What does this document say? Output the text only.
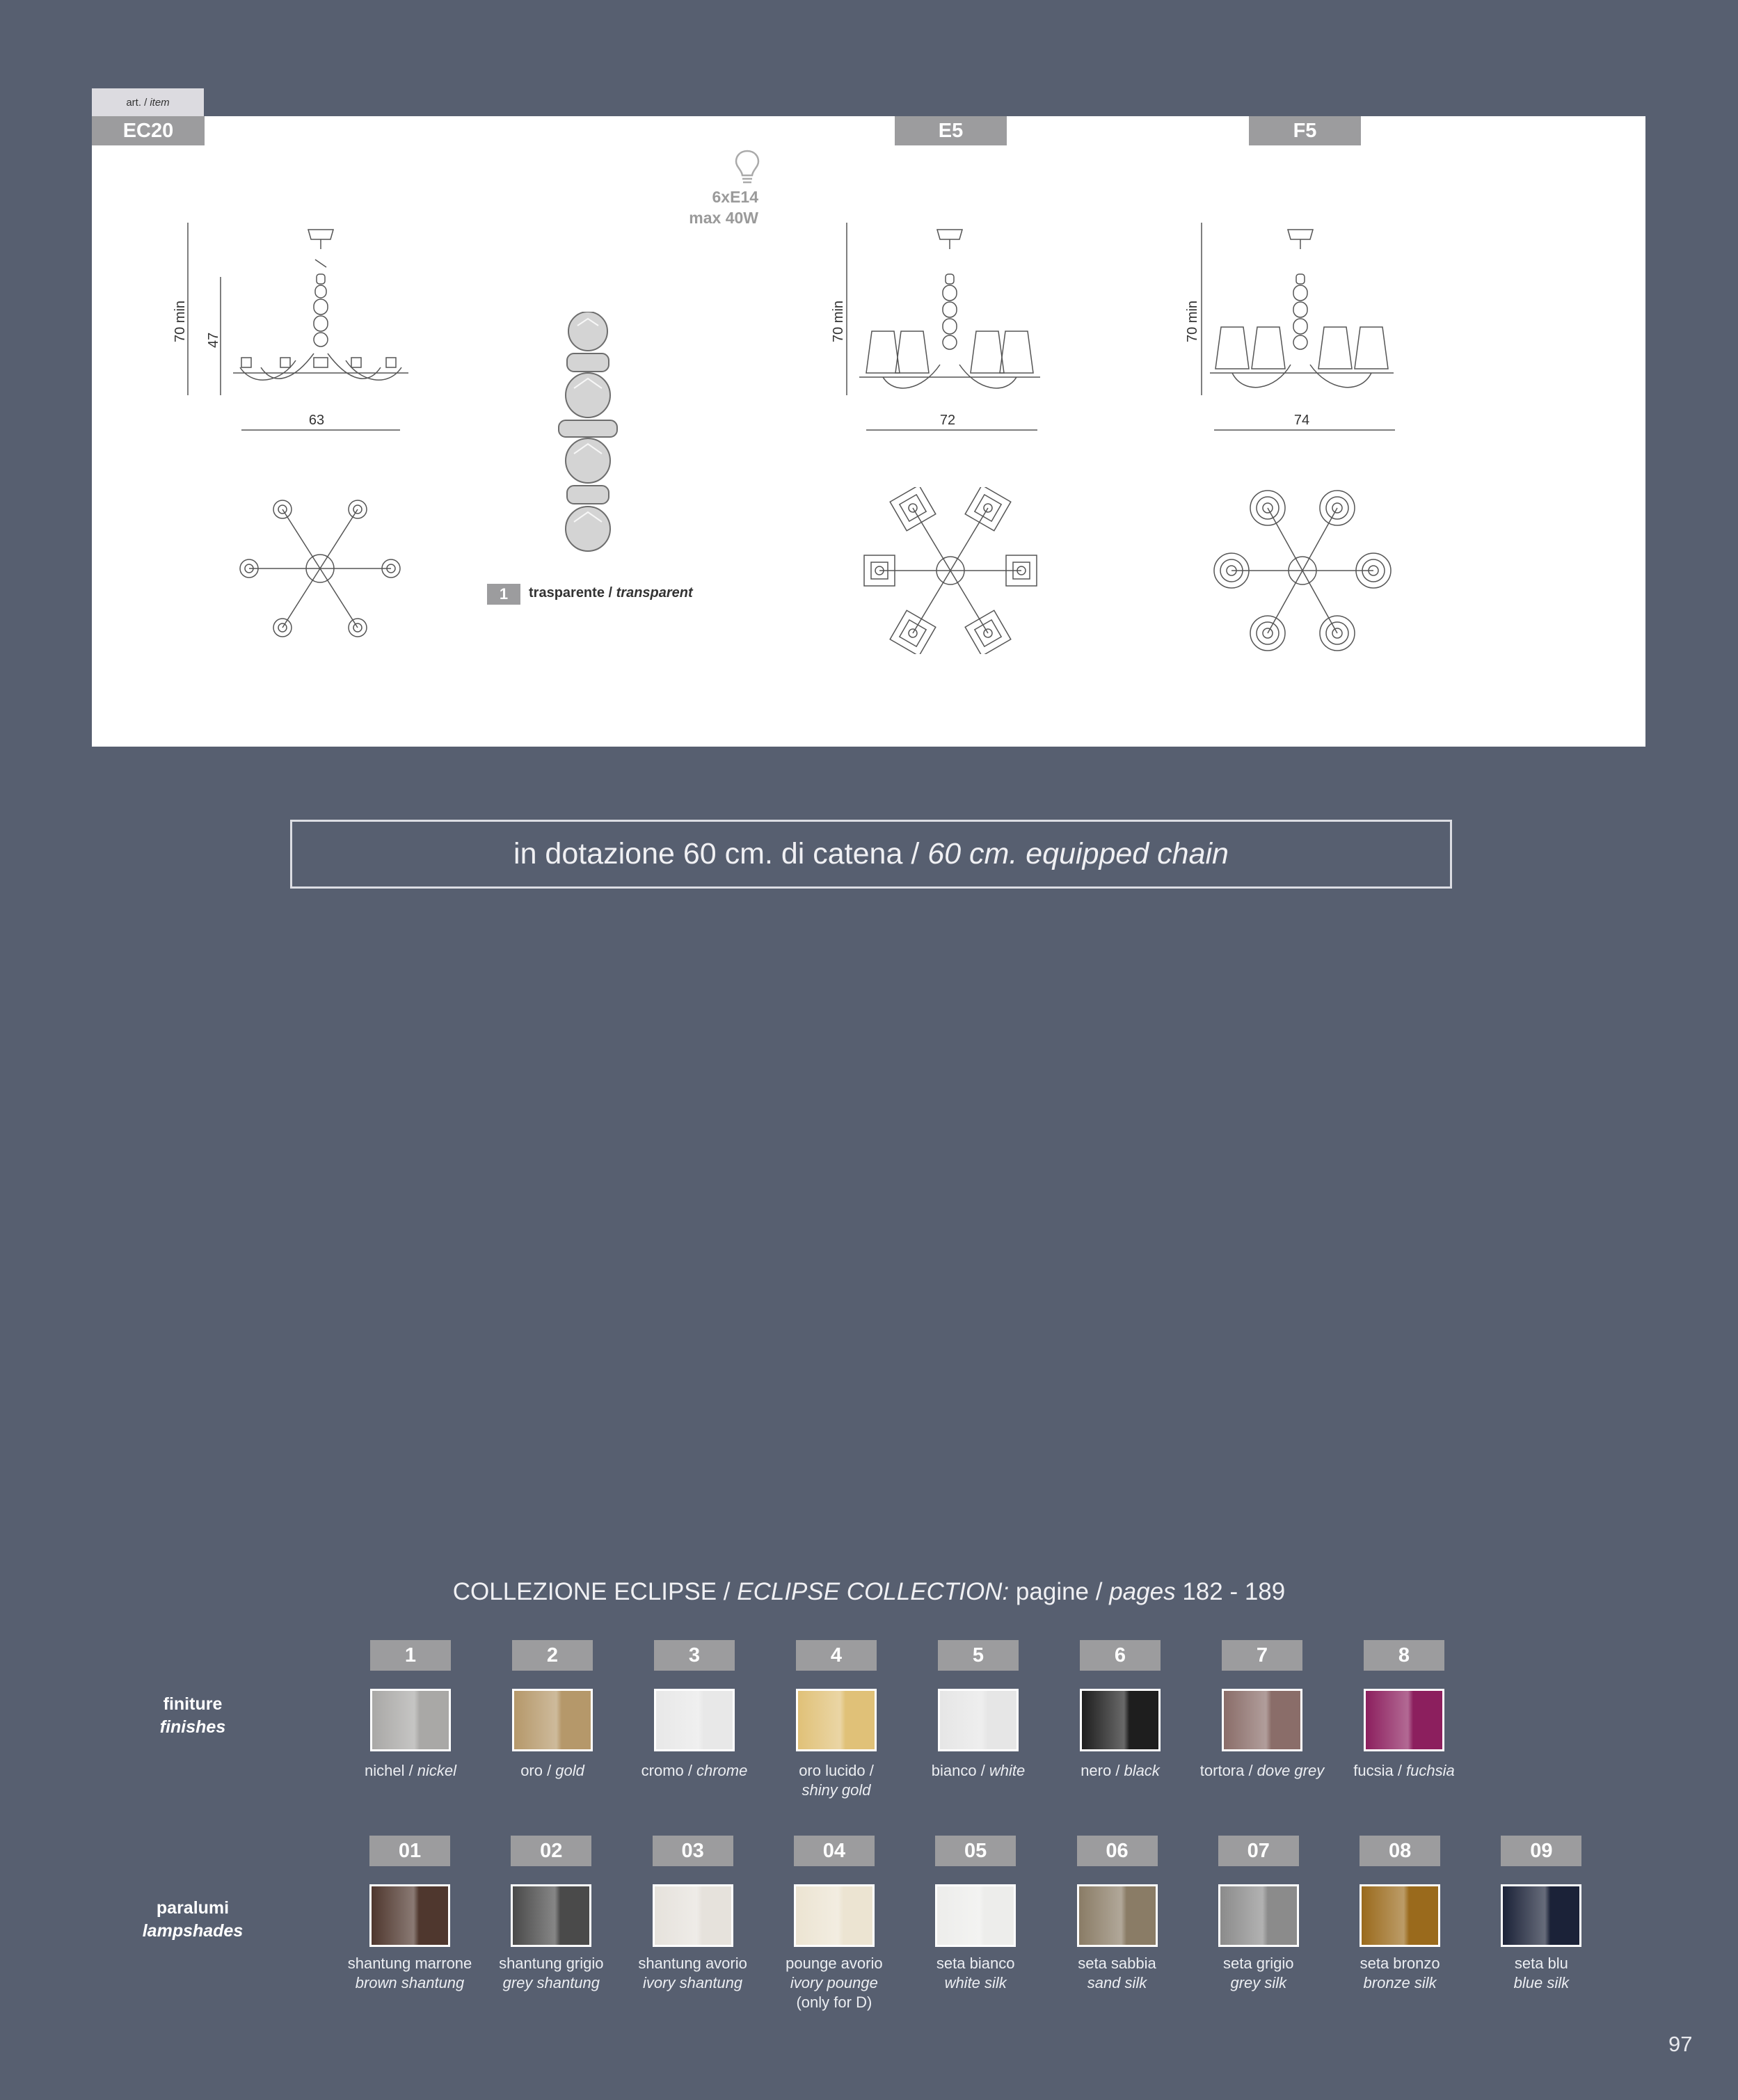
art. / item
EC20	E5	F5
6xE14
max 40W
70 min 47
63
1	trasparente / transparent
70 min
72
70 min
74
in dotazione 60 cm. di catena / 60 cm. equipped chain
COLLEZIONE ECLIPSE / ECLIPSE COLLECTION: pagine / pages 182 - 189
finiture
finishes
1
nichel / nickel
2
oro / gold
3
cromo / chrome
4
oro lucido /
shiny gold
5
bianco / white
6
nero / black
7
tortora / dove grey
8
fucsia / fuchsia
paralumi
lampshades
01
shantung marrone
brown shantung
02
shantung grigio
grey shantung
03
shantung avorio
ivory shantung
04
pounge avorio
ivory pounge
(only for D)
05
seta bianco
white silk
06
seta sabbia
sand silk
07
seta grigio
grey silk
08
seta bronzo
bronze silk
09
seta blu
blue silk
97
